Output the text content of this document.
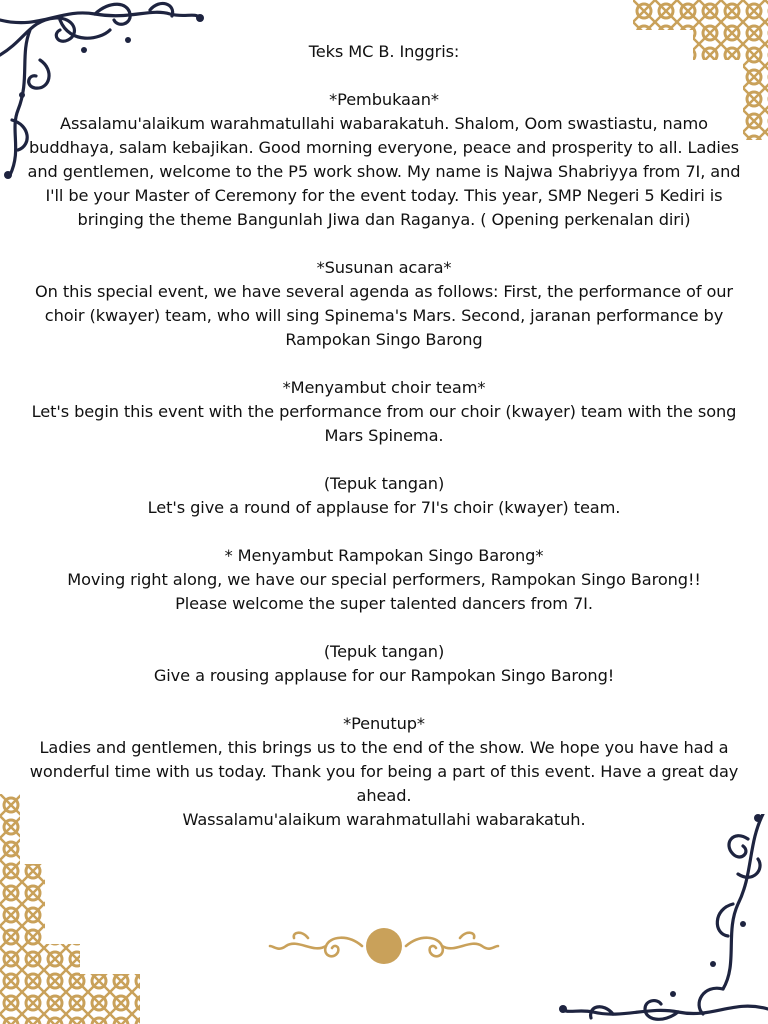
Teks MC B. Inggris:

*Pembukaan*

Assalamu'alaikum warahmatullahi wabarakatuh. Shalom, Oom swastiastu, namo

buddhaya, salam kebajikan. Good morning everyone, peace and prosperity to all. Ladies

and gentlemen, welcome to the P5 work show. My name is Najwa Shabriyya from 7I, and

I'll be your Master of Ceremony for the event today. This year, SMP Negeri 5 Kediri is

bringing the theme Bangunlah Jiwa dan Raganya. ( Opening perkenalan diri)

*Susunan acara*

On this special event, we have several agenda as follows: First, the performance of our

choir (kwayer) team, who will sing Spinema's Mars. Second, jaranan performance by

Rampokan Singo Barong

*Menyambut choir team*

Let's begin this event with the performance from our choir (kwayer) team with the song

Mars Spinema.

(Tepuk tangan)

Let's give a round of applause for 7I's choir (kwayer) team.

* Menyambut Rampokan Singo Barong*

Moving right along, we have our special performers, Rampokan Singo Barong!!

Please welcome the super talented dancers from 7I.

(Tepuk tangan)

Give a rousing applause for our Rampokan Singo Barong!

*Penutup*

Ladies and gentlemen, this brings us to the end of the show. We hope you have had a

wonderful time with us today. Thank you for being a part of this event. Have a great day

ahead.

Wassalamu'alaikum warahmatullahi wabarakatuh.
